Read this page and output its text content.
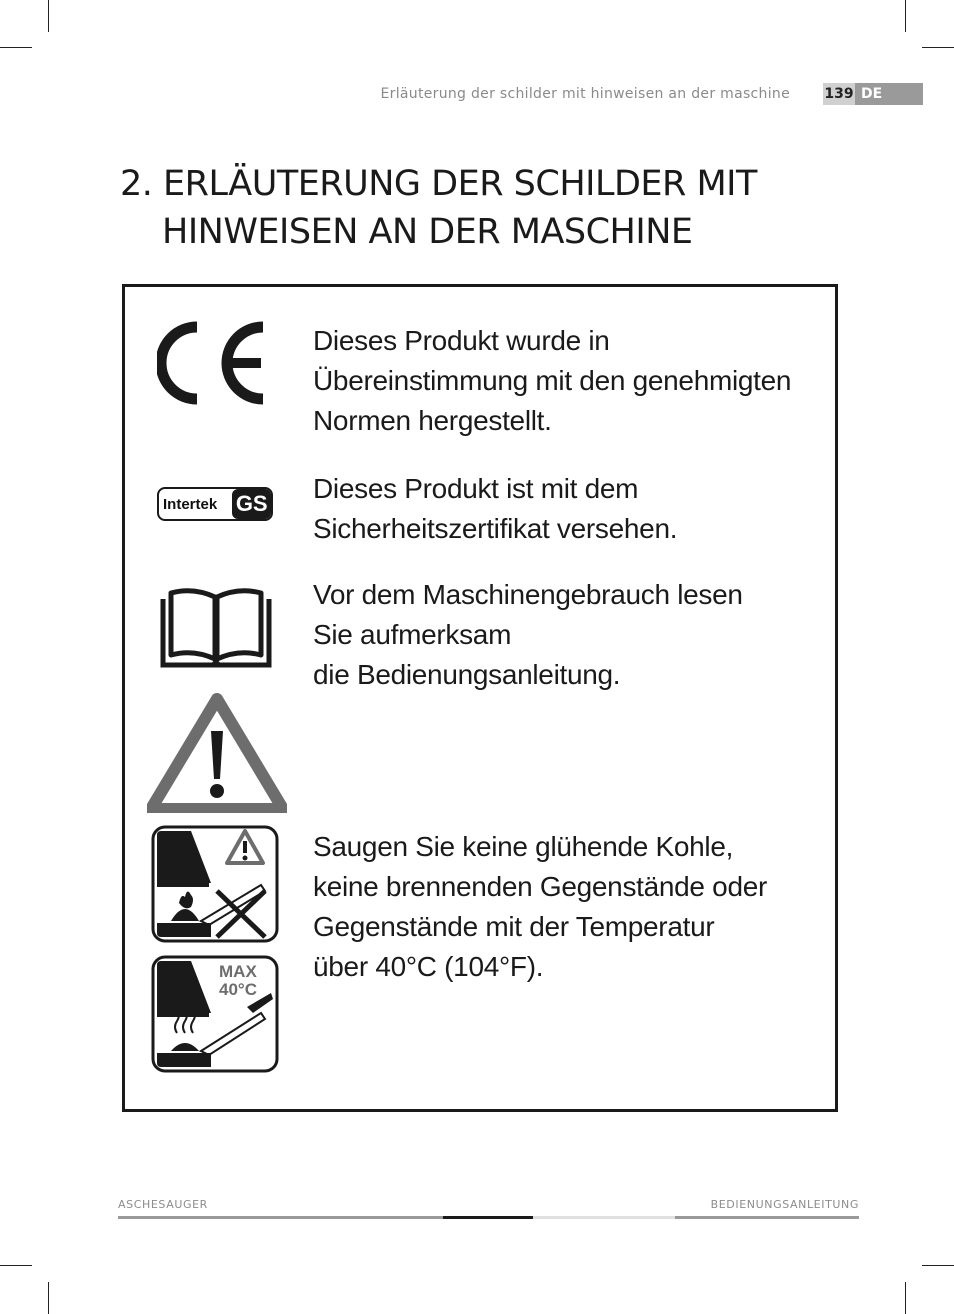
Erläuterung der schilder mit hinweisen an der maschine 139 DE
2. ERLÄUTERUNG DER SCHILDER MIT
HINWEISEN AN DER MASCHINE
Dieses Produkt wurde in
Übereinstimmung mit den genehmigten
Normen hergestellt.
Intertek GS Dieses Produkt ist mit dem
Sicherheitszertifikat versehen.
Vor dem Maschinengebrauch lesen
Sie aufmerksam
die Bedienungsanleitung.
MAX
40°C
Saugen Sie keine glühende Kohle,
keine brennenden Gegenstände oder
Gegenstände mit der Temperatur
über 40°C (104°F).
ASCHESAUGER	BEDIENUNGSANLEITUNG
